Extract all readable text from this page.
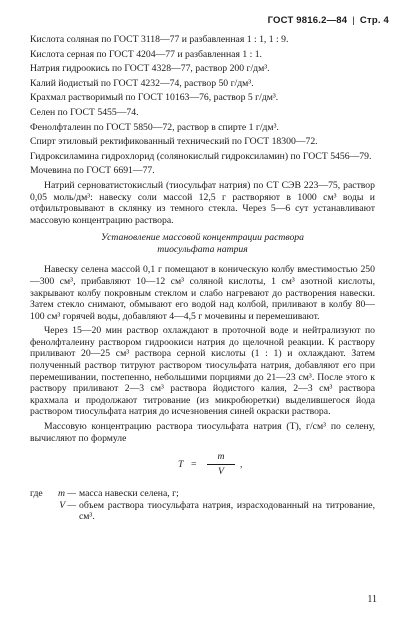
ГОСТ 9816.2—84 | Стр. 4

Кислота соляная по ГОСТ 3118—77 и разбавленная 1 : 1, 1 : 9.

Кислота серная по ГОСТ 4204—77 и разбавленная 1 : 1.

Натрия гидроокись по ГОСТ 4328—77, раствор 200 г/дм³.

Калий йодистый по ГОСТ 4232—74, раствор 50 г/дм³.

Крахмал растворимый по ГОСТ 10163—76, раствор 5 г/дм³.

Селен по ГОСТ 5455—74.

Фенолфталеин по ГОСТ 5850—72, раствор в спирте 1 г/дм³.

Спирт этиловый ректификованный технический по ГОСТ 18300—72.

Гидроксиламина гидрохлорид (солянокислый гидроксиламин) по ГОСТ 5456—79.

Мочевина по ГОСТ 6691—77.

Натрий серноватистокислый (тиосульфат натрия) по СТ СЭВ 223—75, раствор 0,05 моль/дм³: навеску соли массой 12,5 г растворяют в 1000 см³ воды и отфильтровывают в склянку из темного стекла. Через 5—6 сут устанавливают массовую концентрацию раствора.

Установление массовой концентрации раствора
тиосульфата натрия

Навеску селена массой 0,1 г помещают в коническую колбу вместимостью 250—300 см³, прибавляют 10—12 см³ соляной кислоты, 1 см³ азотной кислоты, закрывают колбу покровным стеклом и слабо нагревают до растворения навески. Затем стекло снимают, обмывают его водой над колбой, приливают в колбу 80—100 см³ горячей воды, добавляют 4—4,5 г мочевины и перемешивают.

Через 15—20 мин раствор охлаждают в проточной воде и нейтрализуют по фенолфталеину раствором гидроокиси натрия до щелочной реакции. К раствору приливают 20—25 см³ раствора серной кислоты (1 : 1) и охлаждают. Затем полученный раствор титруют раствором тиосульфата натрия, добавляют его при перемешивании, постепенно, небольшими порциями до 21—23 см³. После этого к раствору приливают 2—3 см³ раствора йодистого калия, 2—3 см³ раствора крахмала и продолжают титрование (из микробюретки) выделившегося йода раствором тиосульфата натрия до исчезновения синей окраски раствора.

Массовую концентрацию раствора тиосульфата натрия (T), г/см³ по селену, вычисляют по формуле

T =
m
V
,
где	m — масса навески селена, г;
V — объем раствора тиосульфата натрия, израсходованный на титрование, см³.
11
